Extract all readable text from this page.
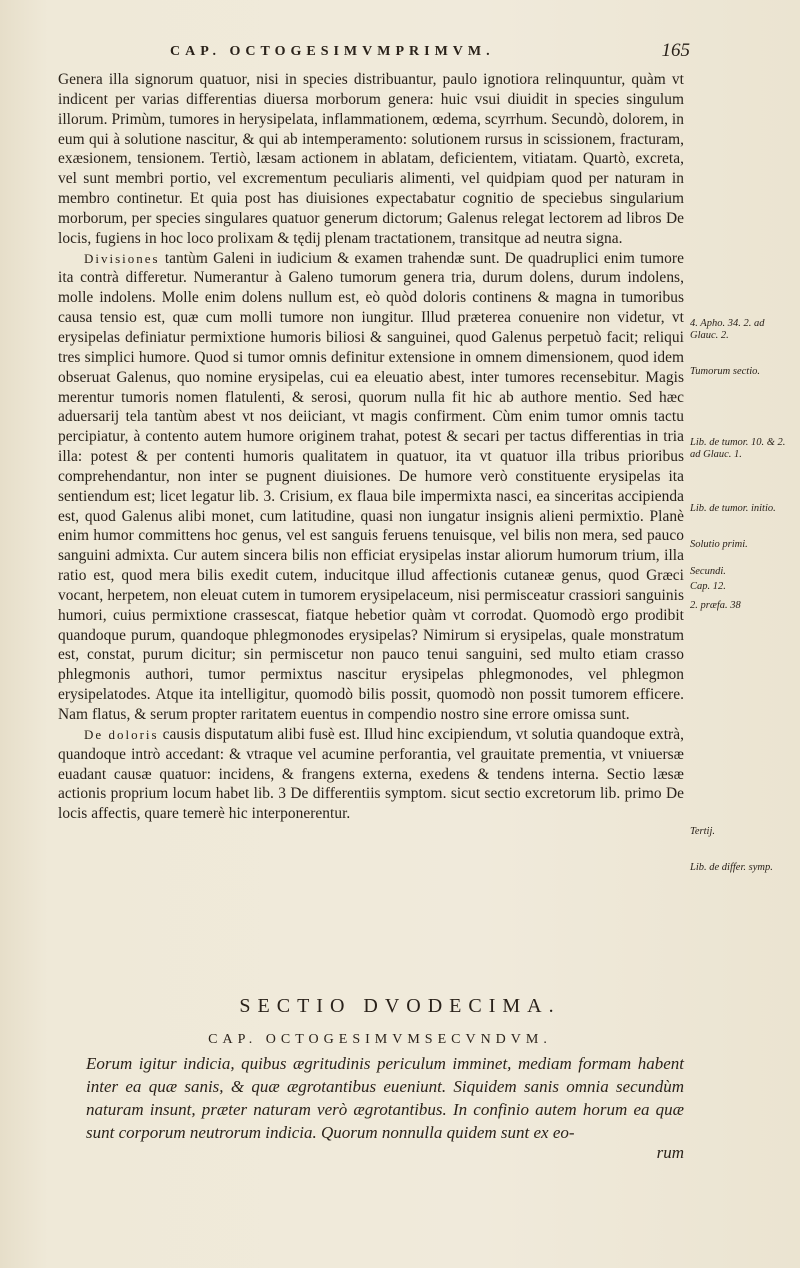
CAP. OCTOGESIMVMPRIMVM.	165

Genera illa signorum quatuor, nisi in species distribuantur, paulo ignotiora relinquuntur, quàm vt indicent per varias differentias diuersa morborum genera: huic vsui diuidit in species singulum illorum. Primùm, tumores in herysipelata, inflammationem, œdema, scyrrhum. Secundò, dolorem, in eum qui à solutione nascitur, & qui ab intemperamento: solutionem rursus in scissionem, fracturam, exæsionem, tensionem. Tertiò, læsam actionem in ablatam, deficientem, vitiatam. Quartò, excreta, vel sunt membri portio, vel excrementum peculiaris alimenti, vel quidpiam quod per naturam in membro continetur. Et quia post has diuisiones expectabatur cognitio de speciebus singularium morborum, per species singulares quatuor generum dictorum; Galenus relegat lectorem ad libros De locis, fugiens in hoc loco prolixam & tędij plenam tractationem, transitque ad neutra signa.

Divisiones tantùm Galeni in iudicium & examen trahendæ sunt. De quadruplici enim tumore ita contrà differetur. Numerantur à Galeno tumorum genera tria, durum dolens, durum indolens, molle indolens. Molle enim dolens nullum est, eò quòd doloris continens & magna in tumoribus causa tensio est, quæ cum molli tumore non iungitur. Illud præterea conuenire non videtur, vt erysipelas definiatur permixtione humoris biliosi & sanguinei, quod Galenus perpetuò facit; reliqui tres simplici humore. Quod si tumor omnis definitur extensione in omnem dimensionem, quod idem obseruat Galenus, quo nomine erysipelas, cui ea eleuatio abest, inter tumores recensebitur. Magis merentur tumoris nomen flatulenti, & serosi, quorum nulla fit hic ab authore mentio. Sed hæc aduersarij tela tantùm abest vt nos deiiciant, vt magis confirment. Cùm enim tumor omnis tactu percipiatur, à contento autem humore originem trahat, potest & secari per tactus differentias in tria illa: potest & per contenti humoris qualitatem in quatuor, ita vt quatuor illa tribus prioribus comprehendantur, non inter se pugnent diuisiones. De humore verò constituente erysipelas ita sentiendum est; licet legatur lib. 3. Crisium, ex flaua bile impermixta nasci, ea sinceritas accipienda est, quod Galenus alibi monet, cum latitudine, quasi non iungatur insignis alieni permixtio. Planè enim humor committens hoc genus, vel est sanguis feruens tenuisque, vel bilis non mera, sed pauco sanguini admixta. Cur autem sincera bilis non efficiat erysipelas instar aliorum humorum trium, illa ratio est, quod mera bilis exedit cutem, inducitque illud affectionis cutaneæ genus, quod Græci vocant, herpetem, non eleuat cutem in tumorem erysipelaceum, nisi permisceatur crassiori sanguinis humori, cuius permixtione crassescat, fiatque hebetior quàm vt corrodat. Quomodò ergo prodibit quandoque purum, quandoque phlegmonodes erysipelas? Nimirum si erysipelas, quale monstratum est, constat, purum dicitur; sin permiscetur non pauco tenui sanguini, sed multo etiam crasso phlegmonis authori, tumor permixtus nascitur erysipelas phlegmonodes, vel phlegmon erysipelatodes. Atque ita intelligitur, quomodò bilis possit, quomodò non possit tumorem efficere. Nam flatus, & serum propter raritatem euentus in compendio nostro sine errore omissa sunt.

De doloris causis disputatum alibi fusè est. Illud hinc excipiendum, vt solutia quandoque extrà, quandoque intrò accedant: & vtraque vel acumine perforantia, vel grauitate prementia, vt vniuersæ euadant causæ quatuor: incidens, & frangens externa, exedens & tendens interna. Sectio læsæ actionis proprium locum habet lib. 3 De differentiis symptom. sicut sectio excretorum lib. primo De locis affectis, quare temerè hic interponerentur.

4. Apho. 34. 2. ad Glauc. 2.
Tumorum sectio.
Lib. de tumor. 10. & 2. ad Glauc. 1.
Lib. de tumor. initio.
Solutio primi.
Secundi.
Cap. 12.
2. præfa. 38
Tertij.
Lib. de differ. symp.
SECTIO DVODECIMA.
CAP. OCTOGESIMVMSECVNDVM.
Eorum igitur indicia, quibus ægritudinis periculum imminet, mediam formam habent inter ea quæ sanis, & quæ ægrotantibus eueniunt. Siquidem sanis omnia secundùm naturam insunt, præter naturam verò ægrotantibus. In confinio autem horum ea quæ sunt corporum neutrorum indicia. Quorum nonnulla quidem sunt ex eo-
rum
